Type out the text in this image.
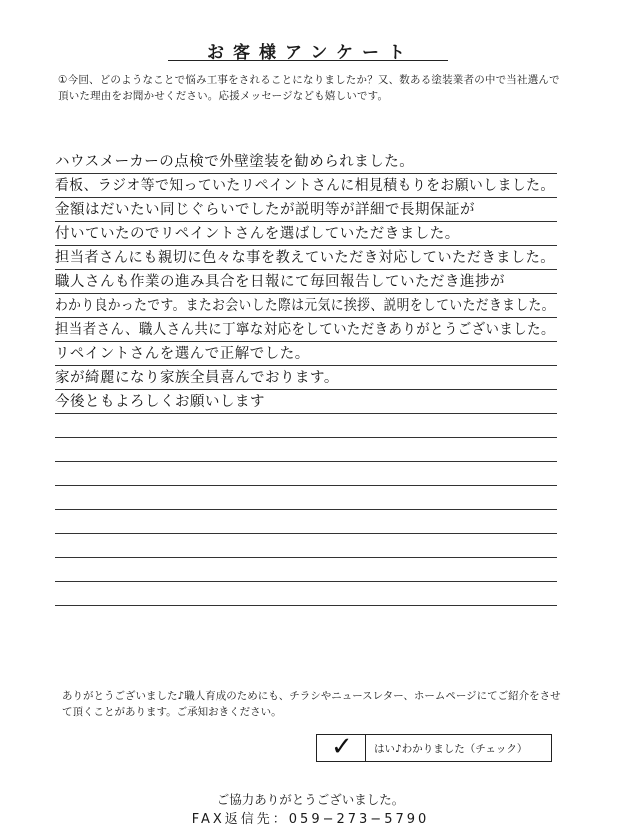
お客様アンケート
①今回、どのようなことで悩み工事をされることになりましたか？又、数ある塗装業者の中で当社選んで頂いた理由をお聞かせください。応援メッセージなども嬉しいです。
ハウスメーカーの点検で外壁塗装を勧められました。
看板、ラジオ等で知っていたリペイントさんに相見積もりをお願いしました。
金額はだいたい同じぐらいでしたが説明等が詳細で長期保証が
付いていたのでリペイントさんを選ばしていただきました。
担当者さんにも親切に色々な事を教えていただき対応していただきました。
職人さんも作業の進み具合を日報にて毎回報告していただき進捗が
わかり良かったです。またお会いした際は元気に挨拶、説明をしていただきました。
担当者さん、職人さん共に丁寧な対応をしていただきありがとうございました。
リペイントさんを選んで正解でした。
家が綺麗になり家族全員喜んでおります。
今後ともよろしくお願いします
ありがとうございました♪職人育成のためにも、チラシやニュースレター、ホームページにてご紹介をさせて頂くことがあります。ご承知おきください。
✓	はい♪わかりました（チェック）
ご協力ありがとうございました。
FAX返信先：059−273−5790
